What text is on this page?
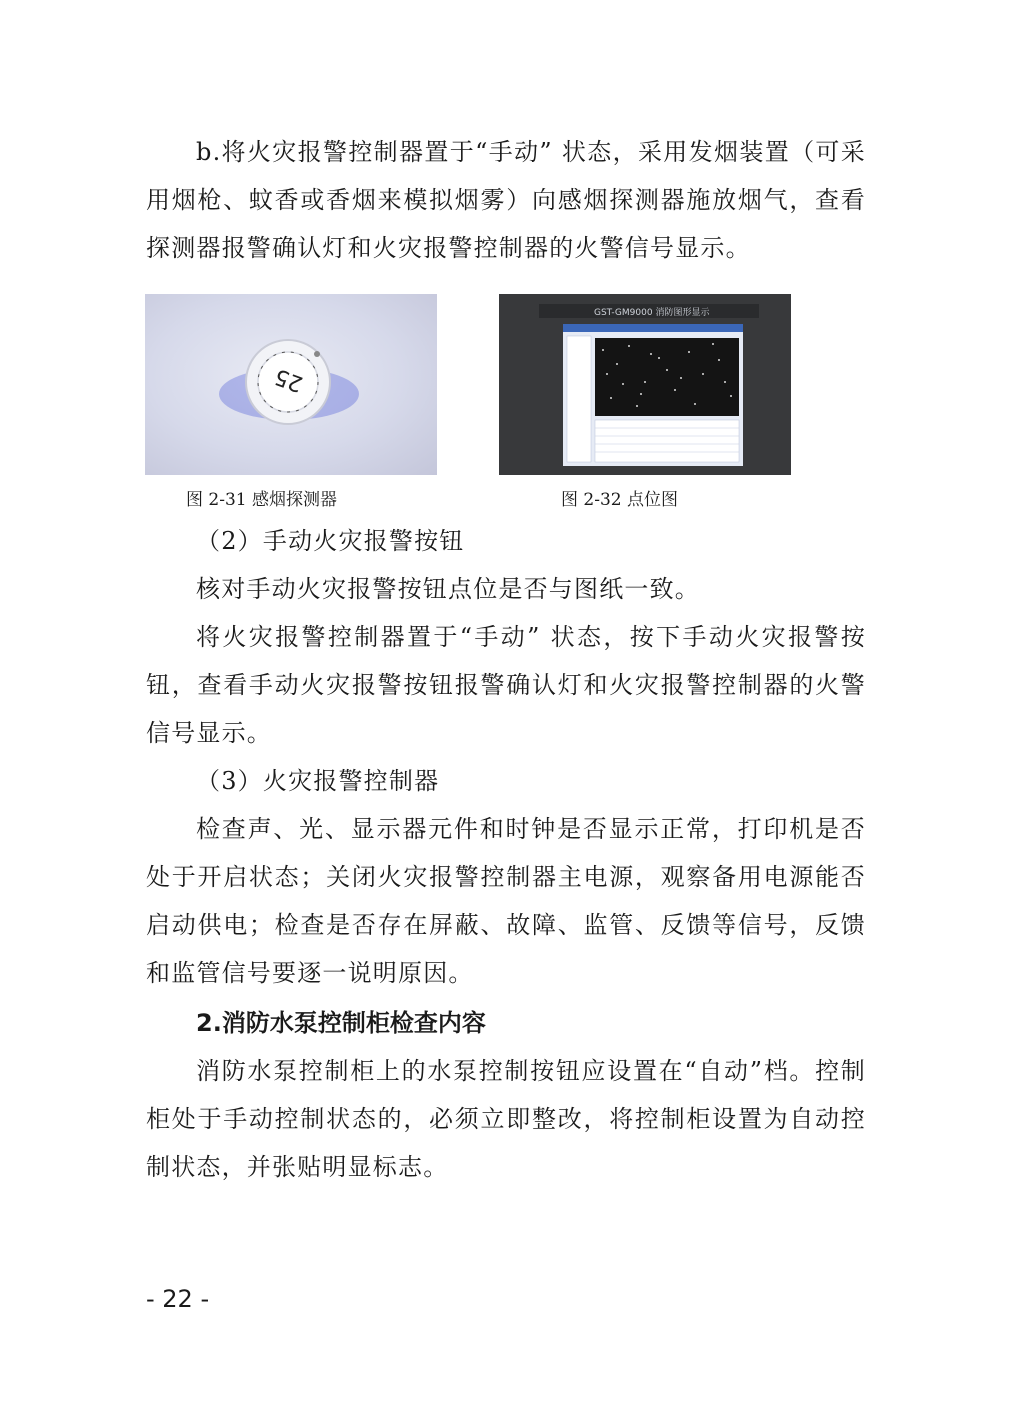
b.将火灾报警控制器置于“手动” 状态，采用发烟装置（可采用烟枪、蚊香或香烟来模拟烟雾）向感烟探测器施放烟气，查看探测器报警确认灯和火灾报警控制器的火警信号显示。

25
GST-GM9000 消防图形显示

图 2-31 感烟探测器	图 2-32 点位图

（2）手动火灾报警按钮

核对手动火灾报警按钮点位是否与图纸一致。

将火灾报警控制器置于“手动” 状态，按下手动火灾报警按钮，查看手动火灾报警按钮报警确认灯和火灾报警控制器的火警信号显示。

（3）火灾报警控制器

检查声、光、显示器元件和时钟是否显示正常，打印机是否处于开启状态；关闭火灾报警控制器主电源，观察备用电源能否启动供电；检查是否存在屏蔽、故障、监管、反馈等信号，反馈和监管信号要逐一说明原因。

2.消防水泵控制柜检查内容

消防水泵控制柜上的水泵控制按钮应设置在“自动”档。控制柜处于手动控制状态的，必须立即整改，将控制柜设置为自动控制状态，并张贴明显标志。

- 22 -
